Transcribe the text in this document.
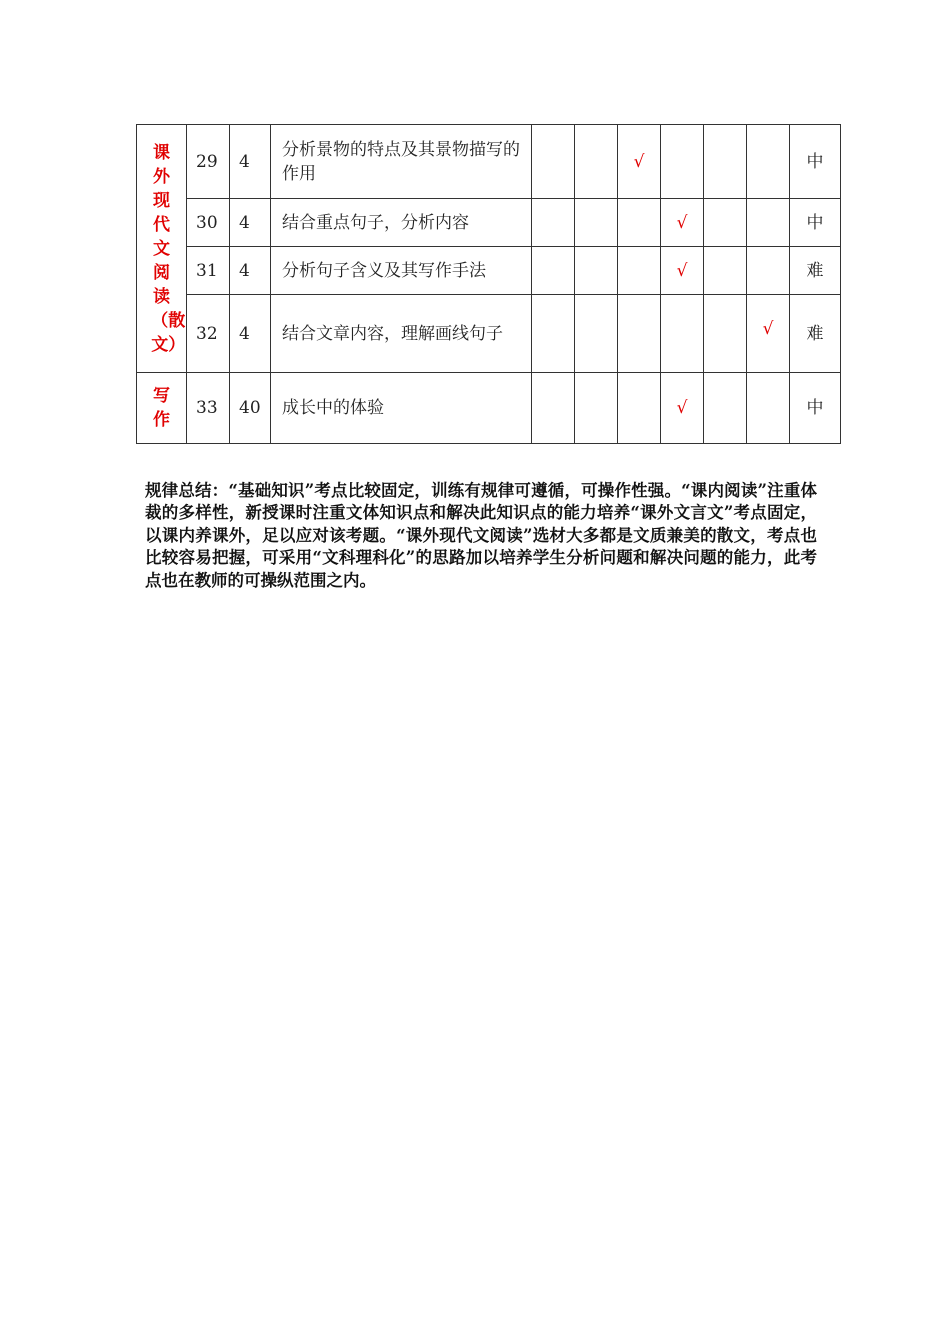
课外现代文阅读（散文）	29	4	分析景物的特点及其景物描写的作用			√				中
	30	4	结合重点句子，分析内容				√			中
	31	4	分析句子含义及其写作手法				√			难
	32	4	结合文章内容，理解画线句子						√	难

写作	33	40	成长中的体验				√			中

规律总结：“基础知识”考点比较固定，训练有规律可遵循，可操作性强。“课内阅读”注重体裁的多样性，新授课时注重文体知识点和解决此知识点的能力培养“课外文言文”考点固定，以课内养课外，足以应对该考题。“课外现代文阅读”选材大多都是文质兼美的散文，考点也比较容易把握，可采用“文科理科化”的思路加以培养学生分析问题和解决问题的能力，此考点也在教师的可操纵范围之内。
